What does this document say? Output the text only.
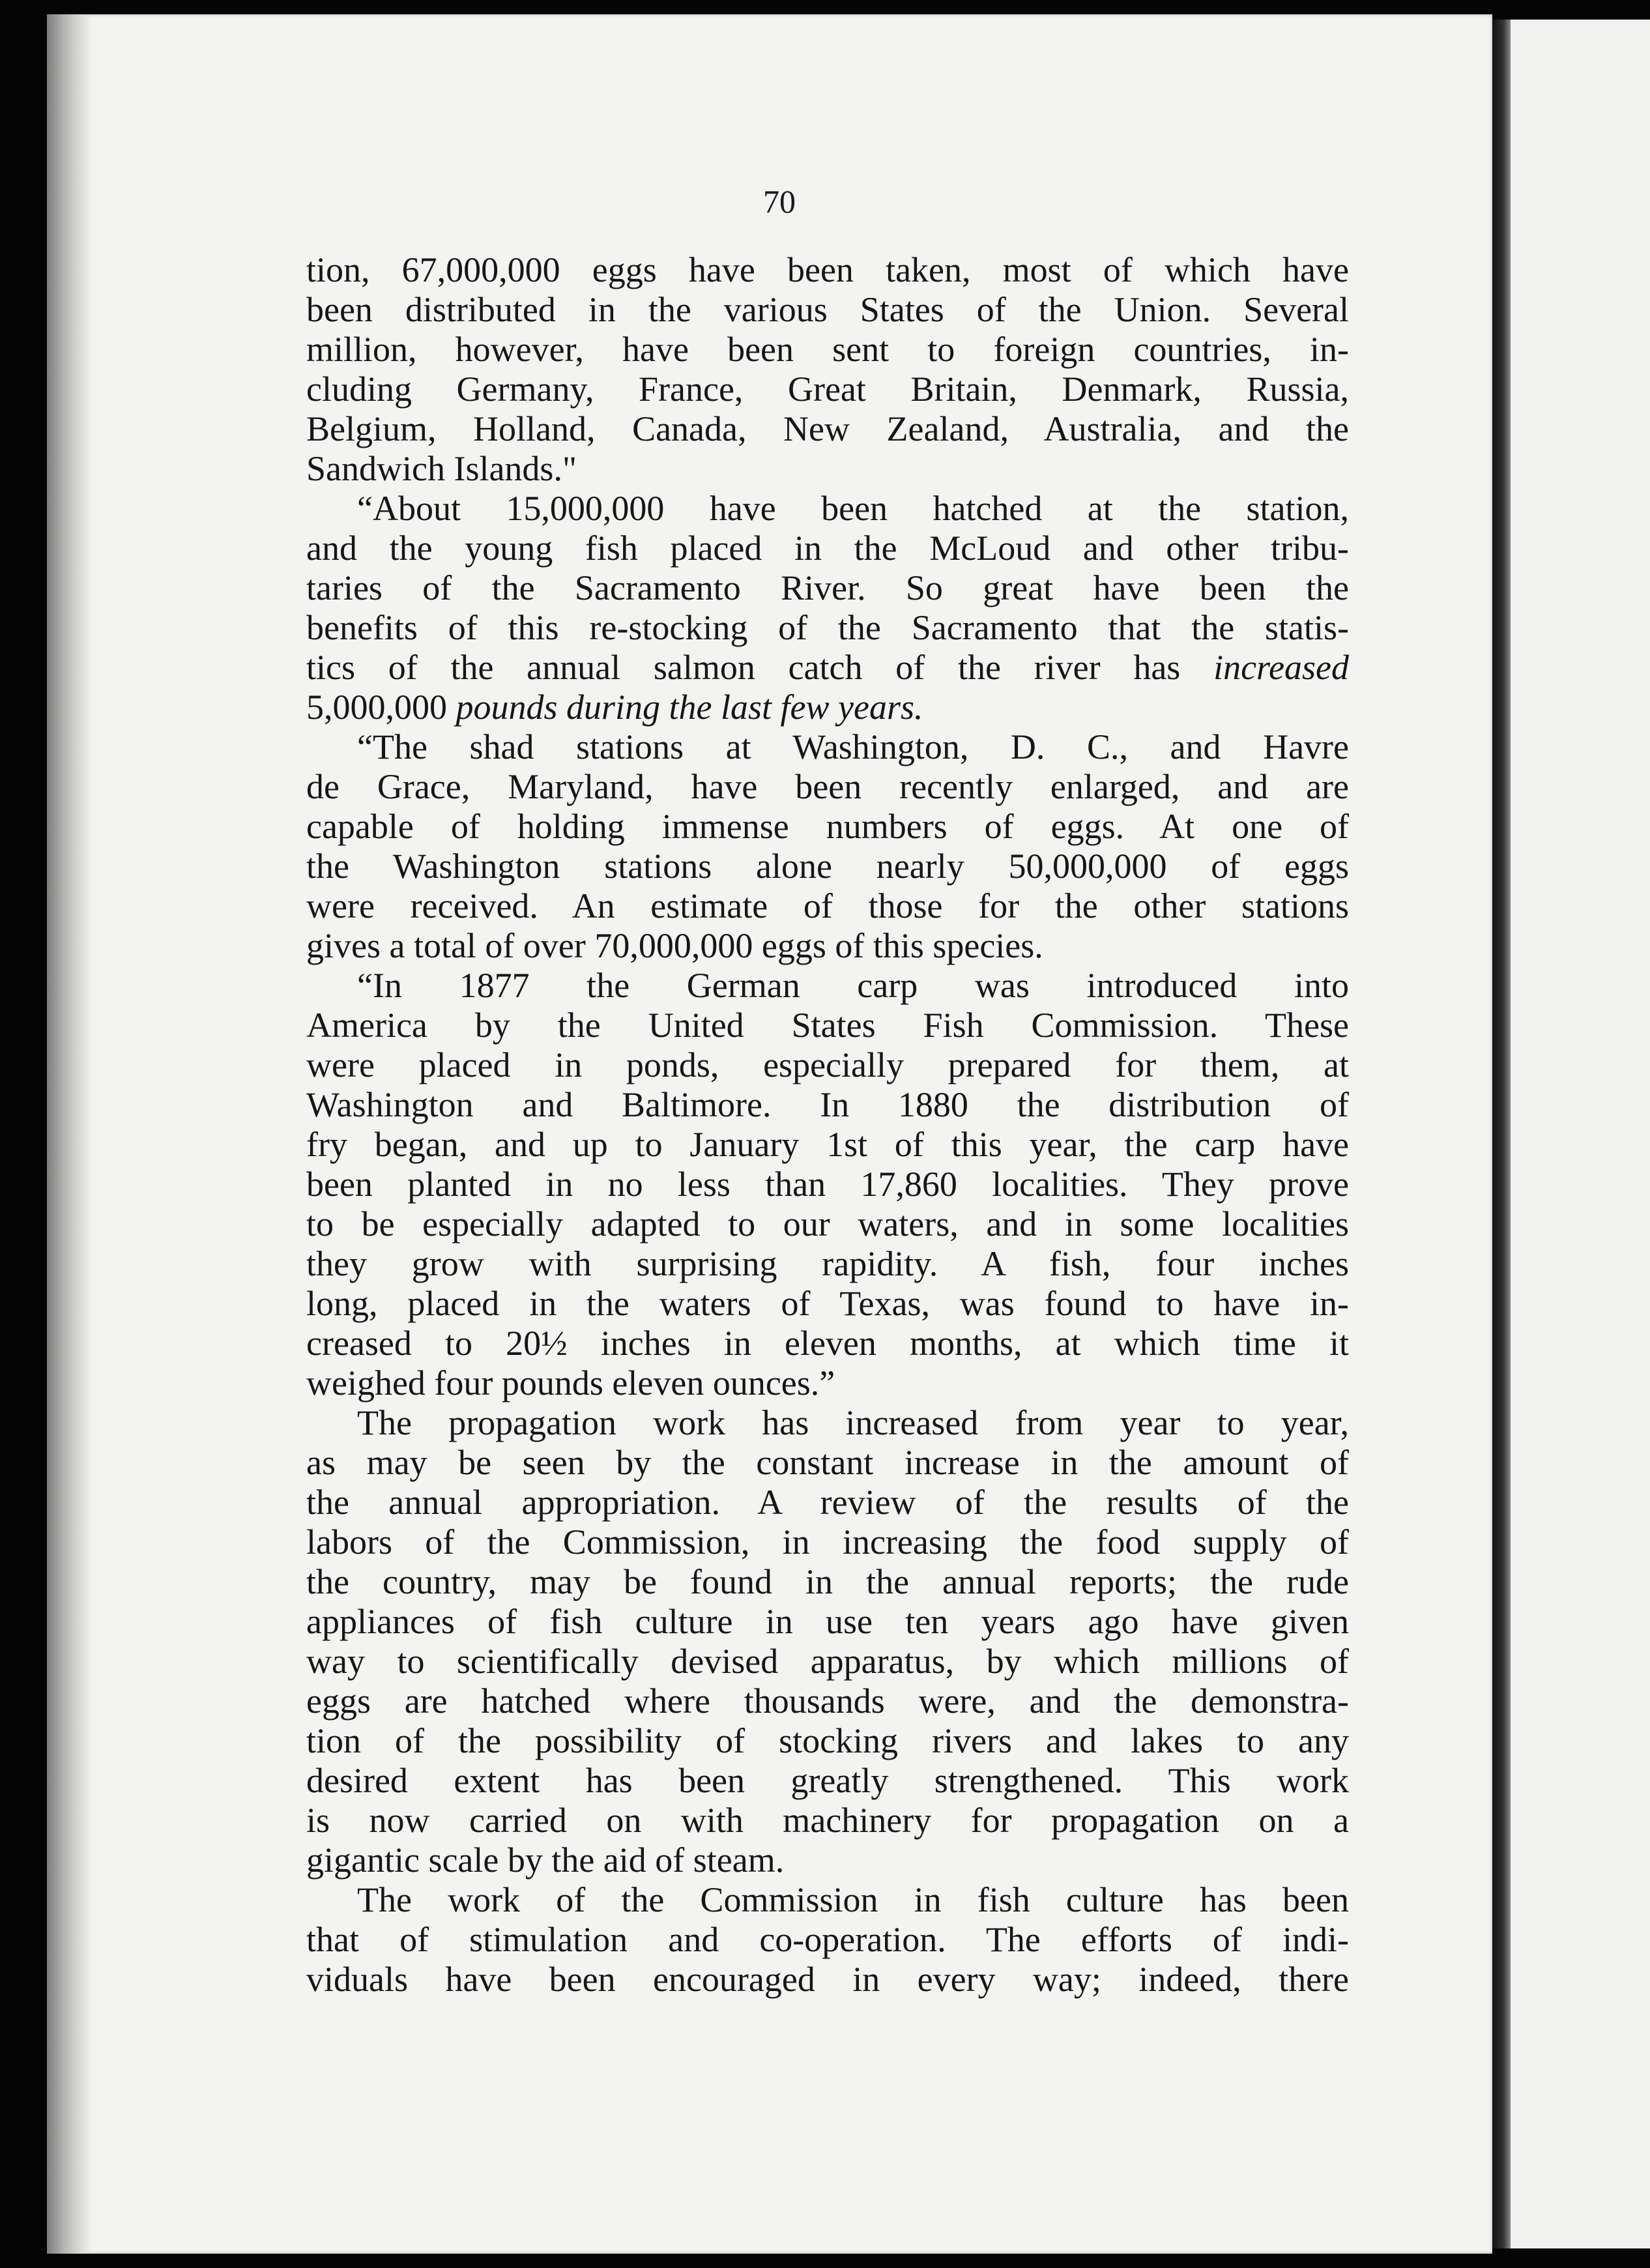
70

tion, 67,000,000 eggs have been taken, most of which have
been distributed in the various States of the Union. Several
million, however, have been sent to foreign countries, in-
cluding Germany, France, Great Britain, Denmark, Russia,
Belgium, Holland, Canada, New Zealand, Australia, and the
Sandwich Islands."

“About 15,000,000 have been hatched at the station,
and the young fish placed in the McLoud and other tribu-
taries of the Sacramento River. So great have been the
benefits of this re-stocking of the Sacramento that the statis-
tics of the annual salmon catch of the river has increased
5,000,000 pounds during the last few years.

“The shad stations at Washington, D. C., and Havre
de Grace, Maryland, have been recently enlarged, and are
capable of holding immense numbers of eggs. At one of
the Washington stations alone nearly 50,000,000 of eggs
were received. An estimate of those for the other stations
gives a total of over 70,000,000 eggs of this species.

“In 1877 the German carp was introduced into
America by the United States Fish Commission. These
were placed in ponds, especially prepared for them, at
Washington and Baltimore. In 1880 the distribution of
fry began, and up to January 1st of this year, the carp have
been planted in no less than 17,860 localities. They prove
to be especially adapted to our waters, and in some localities
they grow with surprising rapidity. A fish, four inches
long, placed in the waters of Texas, was found to have in-
creased to 20½ inches in eleven months, at which time it
weighed four pounds eleven ounces.”

The propagation work has increased from year to year,
as may be seen by the constant increase in the amount of
the annual appropriation. A review of the results of the
labors of the Commission, in increasing the food supply of
the country, may be found in the annual reports; the rude
appliances of fish culture in use ten years ago have given
way to scientifically devised apparatus, by which millions of
eggs are hatched where thousands were, and the demonstra-
tion of the possibility of stocking rivers and lakes to any
desired extent has been greatly strengthened. This work
is now carried on with machinery for propagation on a
gigantic scale by the aid of steam.

The work of the Commission in fish culture has been
that of stimulation and co-operation. The efforts of indi-
viduals have been encouraged in every way; indeed, there
